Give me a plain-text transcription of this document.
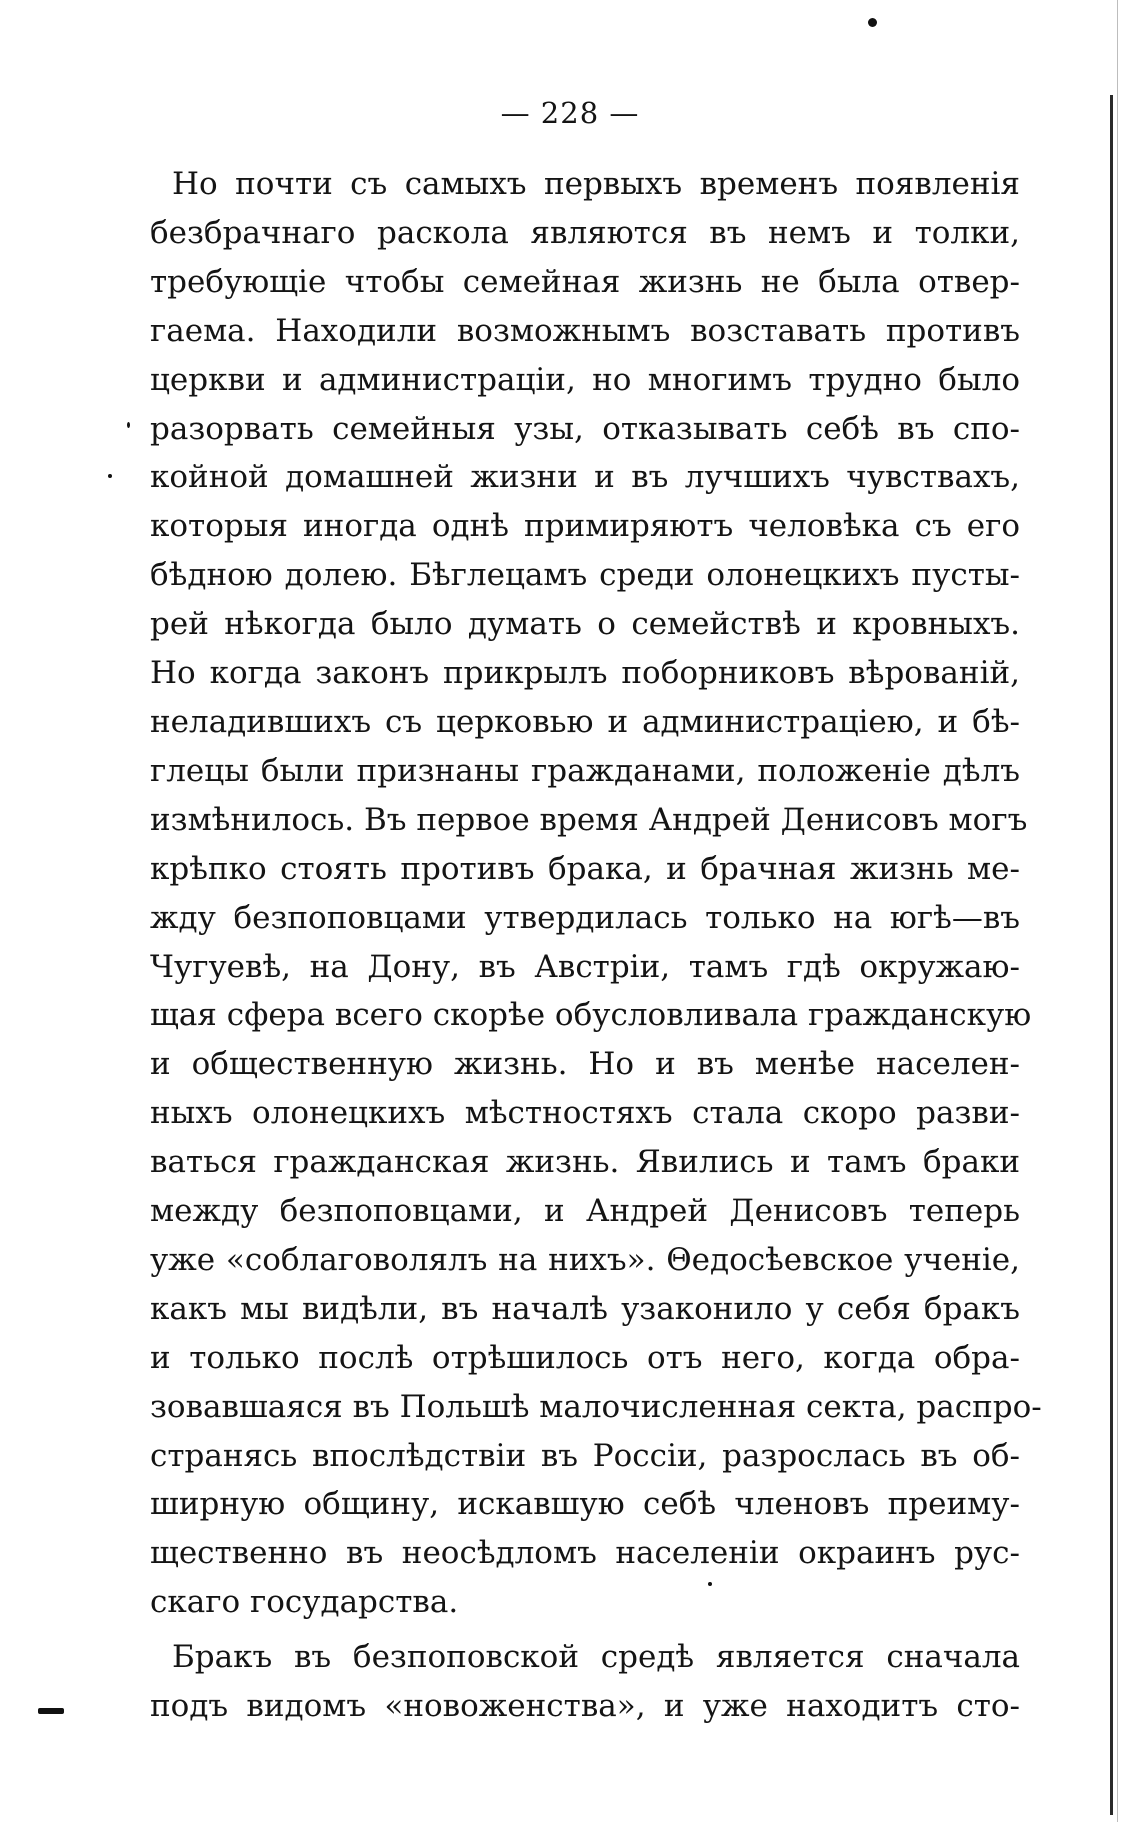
— 228 —
Но почти съ самыхъ первыхъ временъ появленія
безбрачнаго раскола являются въ немъ и толки,
требующіе чтобы семейная жизнь не была отвер-
гаема. Находили возможнымъ возставать противъ
церкви и администраціи, но многимъ трудно было
разорвать семейныя узы, отказывать себѣ въ спо-
койной домашней жизни и въ лучшихъ чувствахъ,
которыя иногда однѣ примиряютъ человѣка съ его
бѣдною долею. Бѣглецамъ среди олонецкихъ пусты-
рей нѣкогда было думать о семействѣ и кровныхъ.
Но когда законъ прикрылъ поборниковъ вѣрованій,
неладившихъ съ церковью и администраціею, и бѣ-
глецы были признаны гражданами, положеніе дѣлъ
измѣнилось. Въ первое время Андрей Денисовъ могъ
крѣпко стоять противъ брака, и брачная жизнь ме-
жду безпоповцами утвердилась только на югѣ—въ
Чугуевѣ, на Дону, въ Австріи, тамъ гдѣ окружаю-
щая сфера всего скорѣе обусловливала гражданскую
и общественную жизнь. Но и въ менѣе населен-
ныхъ олонецкихъ мѣстностяхъ стала скоро разви-
ваться гражданская жизнь. Явились и тамъ браки
между безпоповцами, и Андрей Денисовъ теперь
уже «соблаговолялъ на нихъ». Θедосѣевское ученіе,
какъ мы видѣли, въ началѣ узаконило у себя бракъ
и только послѣ отрѣшилось отъ него, когда обра-
зовавшаяся въ Польшѣ малочисленная секта, распро-
странясь впослѣдствіи въ Россіи, разрослась въ об-
ширную общину, искавшую себѣ членовъ преиму-
щественно въ неосѣдломъ населеніи окраинъ рус-
скаго государства.
Бракъ въ безпоповской средѣ является сначала
подъ видомъ «новоженства», и уже находитъ сто-
